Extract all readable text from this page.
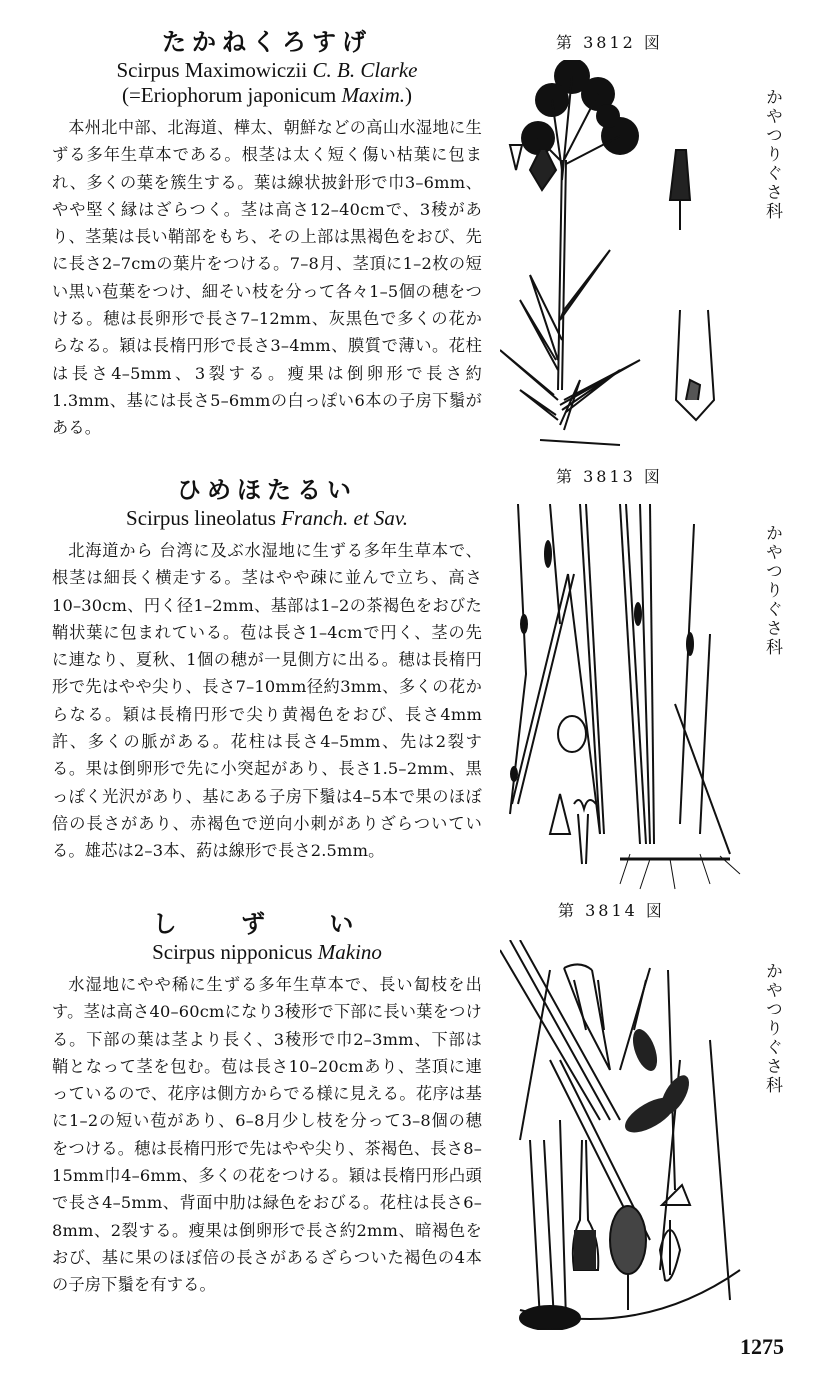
たかねくろすげ

Scirpus Maximowiczii C. B. Clarke

(=Eriophorum japonicum Maxim.)

本州北中部、北海道、樺太、朝鮮などの高山水湿地に生ずる多年生草本である。根茎は太く短く傷い枯葉に包まれ、多くの葉を簇生する。葉は線状披針形で巾3–6mm、やや堅く縁はざらつく。茎は高さ12–40cmで、3稜があり、茎葉は長い鞘部をもち、その上部は黒褐色をおび、先に長さ2–7cmの葉片をつける。7–8月、茎頂に1–2枚の短い黒い苞葉をつけ、細そい枝を分って各々1–5個の穂をつける。穂は長卵形で長さ7–12mm、灰黒色で多くの花からなる。穎は長楕円形で長さ3–4mm、膜質で薄い。花柱は長さ4–5mm、3裂する。瘦果は倒卵形で長さ約1.3mm、基には長さ5–6mmの白っぽい6本の子房下鬚がある。

ひめほたるい

Scirpus lineolatus Franch. et Sav.

北海道から 台湾に及ぶ水湿地に生ずる多年生草本で、根茎は細長く横走する。茎はやや疎に並んで立ち、高さ10–30cm、円く径1–2mm、基部は1–2の茶褐色をおびた鞘状葉に包まれている。苞は長さ1–4cmで円く、茎の先に連なり、夏秋、1個の穂が一見側方に出る。穂は長楕円形で先はやや尖り、長さ7–10mm径約3mm、多くの花からなる。穎は長楕円形で尖り黄褐色をおび、長さ4mm許、多くの脈がある。花柱は長さ4–5mm、先は2裂する。果は倒卵形で先に小突起があり、長さ1.5–2mm、黒っぽく光沢があり、基にある子房下鬚は4–5本で果のほぼ倍の長さがあり、赤褐色で逆向小刺がありざらついている。雄芯は2–3本、葯は線形で長さ2.5mm。

し ず い

Scirpus nipponicus Makino

水湿地にやや稀に生ずる多年生草本で、長い匐枝を出す。茎は高さ40–60cmになり3稜形で下部に長い葉をつける。下部の葉は茎より長く、3稜形で巾2–3mm、下部は鞘となって茎を包む。苞は長さ10–20cmあり、茎頂に連っているので、花序は側方からでる様に見える。花序は基に1–2の短い苞があり、6–8月少し枝を分って3–8個の穂をつける。穂は長楕円形で先はやや尖り、茶褐色、長さ8–15mm巾4–6mm、多くの花をつける。穎は長楕円形凸頭で長さ4–5mm、背面中肋は緑色をおびる。花柱は長さ6–8mm、2裂する。瘦果は倒卵形で長さ約2mm、暗褐色をおび、基に果のほぼ倍の長さがあるざらついた褐色の4本の子房下鬚を有する。

第 3812 図
第 3813 図
第 3814 図
かやつりぐさ科
かやつりぐさ科
かやつりぐさ科
1275
